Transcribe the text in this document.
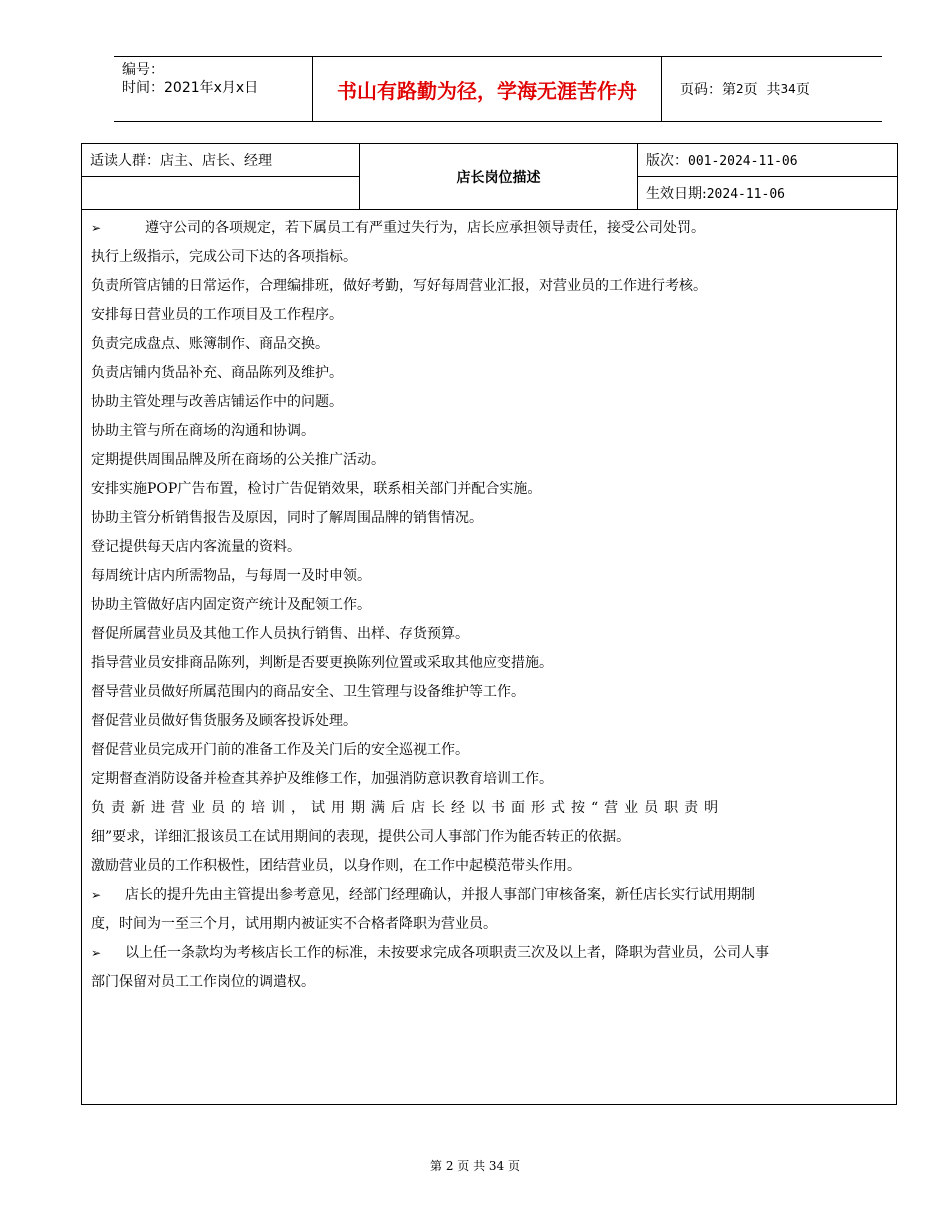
编号：
时间：2021年x月x日	书山有路勤为径，学海无涯苦作舟	页码：第 2 页  共 34 页
适读人群：店主、店长、经理	店长岗位描述	版次：001-2024-11-06
		生效日期:2024-11-06

➢	遵守公司的各项规定，若下属员工有严重过失行为，店长应承担领导责任，接受公司处罚。

执行上级指示，完成公司下达的各项指标。

负责所管店铺的日常运作，合理编排班，做好考勤，写好每周营业汇报，对营业员的工作进行考核。

安排每日营业员的工作项目及工作程序。

负责完成盘点、账簿制作、商品交换。

负责店铺内货品补充、商品陈列及维护。

协助主管处理与改善店铺运作中的问题。

协助主管与所在商场的沟通和协调。

定期提供周围品牌及所在商场的公关推广活动。

安排实施POP广告布置，检讨广告促销效果，联系相关部门并配合实施。

协助主管分析销售报告及原因，同时了解周围品牌的销售情况。

登记提供每天店内客流量的资料。

每周统计店内所需物品，与每周一及时申领。

协助主管做好店内固定资产统计及配领工作。

督促所属营业员及其他工作人员执行销售、出样、存货预算。

指导营业员安排商品陈列，判断是否要更换陈列位置或采取其他应变措施。

督导营业员做好所属范围内的商品安全、卫生管理与设备维护等工作。

督促营业员做好售货服务及顾客投诉处理。

督促营业员完成开门前的准备工作及关门后的安全巡视工作。

定期督查消防设备并检查其养护及维修工作，加强消防意识教育培训工作。

负责新进营业员的培训，试用期满后店长经以书面形式按“营业员职责明

细”要求，详细汇报该员工在试用期间的表现，提供公司人事部门作为能否转正的依据。

激励营业员的工作积极性，团结营业员，以身作则，在工作中起模范带头作用。

➢ 店长的提升先由主管提出参考意见，经部门经理确认，并报人事部门审核备案，新任店长实行试用期制

度，时间为一至三个月，试用期内被证实不合格者降职为营业员。

➢ 以上任一条款均为考核店长工作的标准，未按要求完成各项职责三次及以上者，降职为营业员，公司人事

部门保留对员工工作岗位的调遣权。

第 2 页 共 34 页
